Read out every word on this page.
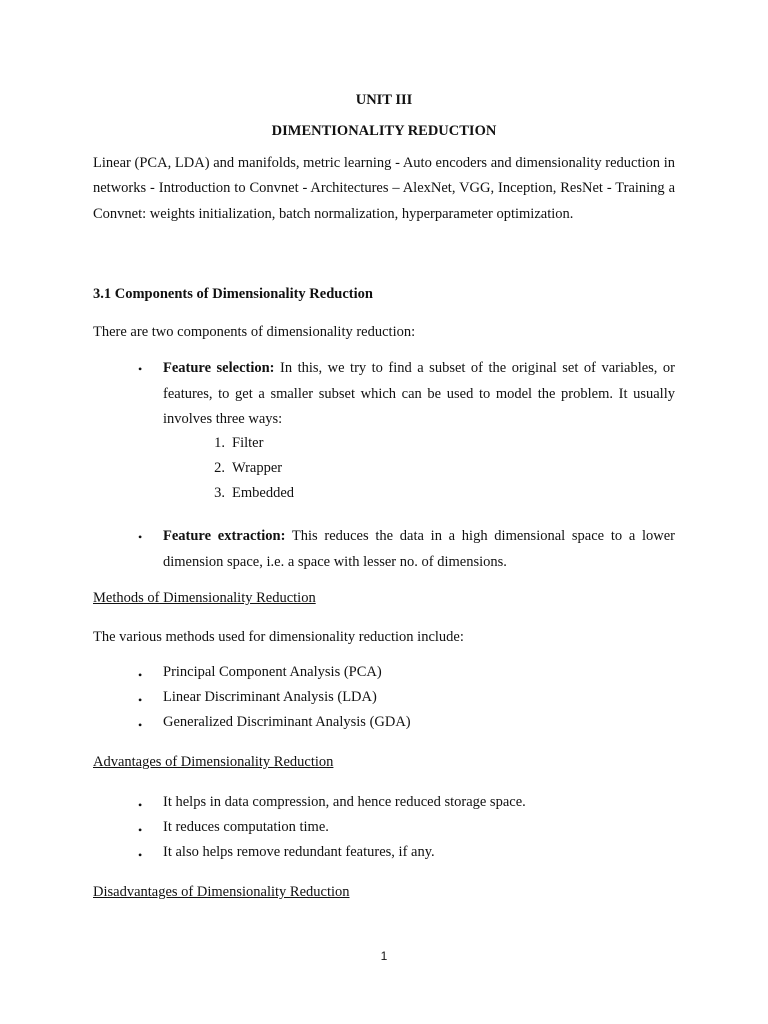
UNIT III
DIMENTIONALITY REDUCTION
Linear (PCA, LDA) and manifolds, metric learning - Auto encoders and dimensionality reduction in networks - Introduction to Convnet - Architectures – AlexNet, VGG, Inception, ResNet - Training a Convnet: weights initialization, batch normalization, hyperparameter optimization.
3.1 Components of Dimensionality Reduction
There are two components of dimensionality reduction:
• Feature selection: In this, we try to find a subset of the original set of variables, or features, to get a smaller subset which can be used to model the problem. It usually involves three ways:
1. Filter
2. Wrapper
3. Embedded
• Feature extraction: This reduces the data in a high dimensional space to a lower dimension space, i.e. a space with lesser no. of dimensions.
Methods of Dimensionality Reduction
The various methods used for dimensionality reduction include:
• Principal Component Analysis (PCA)
• Linear Discriminant Analysis (LDA)
• Generalized Discriminant Analysis (GDA)
Advantages of Dimensionality Reduction
• It helps in data compression, and hence reduced storage space.
• It reduces computation time.
• It also helps remove redundant features, if any.
Disadvantages of Dimensionality Reduction
1
